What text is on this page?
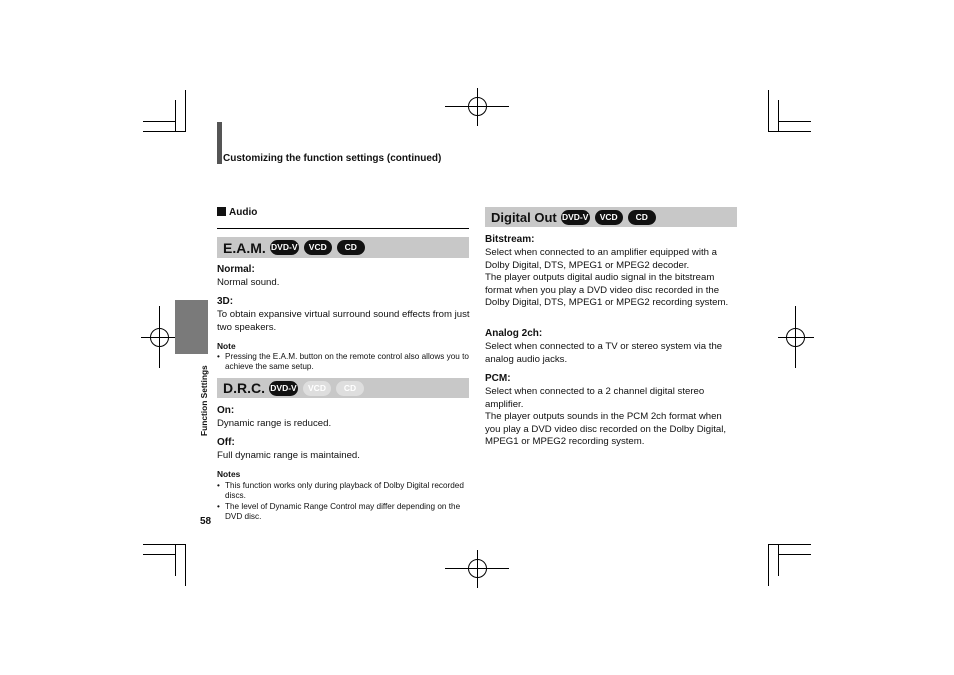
Customizing the function settings (continued)
Function Settings
58
Audio
E.A.M. DVD-V	VCD	CD
Normal:
Normal sound.
3D:
To obtain expansive virtual surround sound effects from just two speakers.
Note
• Pressing the E.A.M. button on the remote control also allows you to achieve the same setup.
D.R.C. DVD-V	VCD	CD
On:
Dynamic range is reduced.
Off:
Full dynamic range is maintained.
Notes
• This function works only during playback of Dolby Digital recorded discs.
• The level of Dynamic Range Control may differ depending on the DVD disc.
Digital Out DVD-V	VCD	CD
Bitstream:
Select when connected to an amplifier equipped with a Dolby Digital, DTS, MPEG1 or MPEG2 decoder.
The player outputs digital audio signal in the bitstream format when you play a DVD video disc recorded in the Dolby Digital, DTS, MPEG1 or MPEG2 recording system.
Analog 2ch:
Select when connected to a TV or stereo system via the analog audio jacks.
PCM:
Select when connected to a 2 channel digital stereo amplifier.
The player outputs sounds in the PCM 2ch format when you play a DVD video disc recorded on the Dolby Digital, MPEG1 or MPEG2 recording system.
